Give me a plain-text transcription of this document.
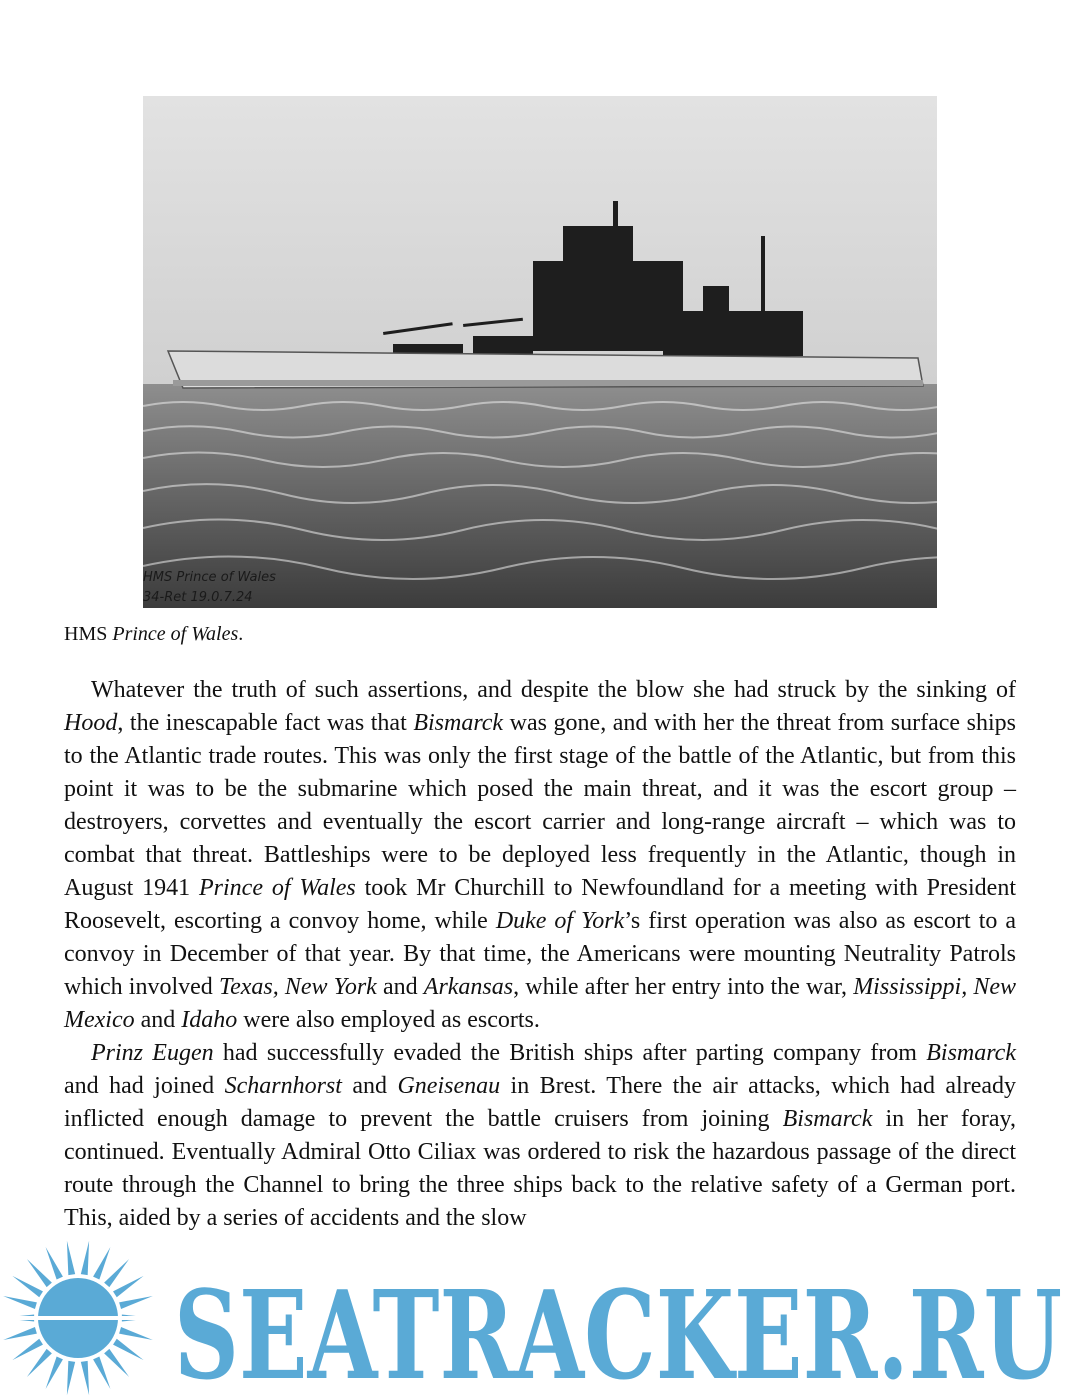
HMS Prince of Wales
34-Ret 19.0.7.24
HMS Prince of Wales.

Whatever the truth of such assertions, and despite the blow she had struck by the sinking of Hood, the inescapable fact was that Bismarck was gone, and with her the threat from surface ships to the Atlantic trade routes. This was only the first stage of the battle of the Atlantic, but from this point it was to be the submarine which posed the main threat, and it was the escort group – destroyers, corvettes and eventually the escort carrier and long-range aircraft – which was to combat that threat. Battleships were to be deployed less frequently in the Atlantic, though in August 1941 Prince of Wales took Mr Churchill to Newfoundland for a meeting with President Roosevelt, escorting a convoy home, while Duke of York’s first operation was also as escort to a convoy in December of that year. By that time, the Americans were mounting Neutrality Patrols which involved Texas, New York and Arkansas, while after her entry into the war, Mississippi, New Mexico and Idaho were also employed as escorts.

Prinz Eugen had successfully evaded the British ships after parting company from Bismarck and had joined Scharnhorst and Gneisenau in Brest. There the air attacks, which had already inflicted enough damage to prevent the battle cruisers from joining Bismarck in her foray, continued. Eventually Admiral Otto Ciliax was ordered to risk the hazardous passage of the direct route through the Channel to bring the three ships back to the relative safety of a German port. This, aided by a series of accidents and the slow

SEATRACKER.RU
